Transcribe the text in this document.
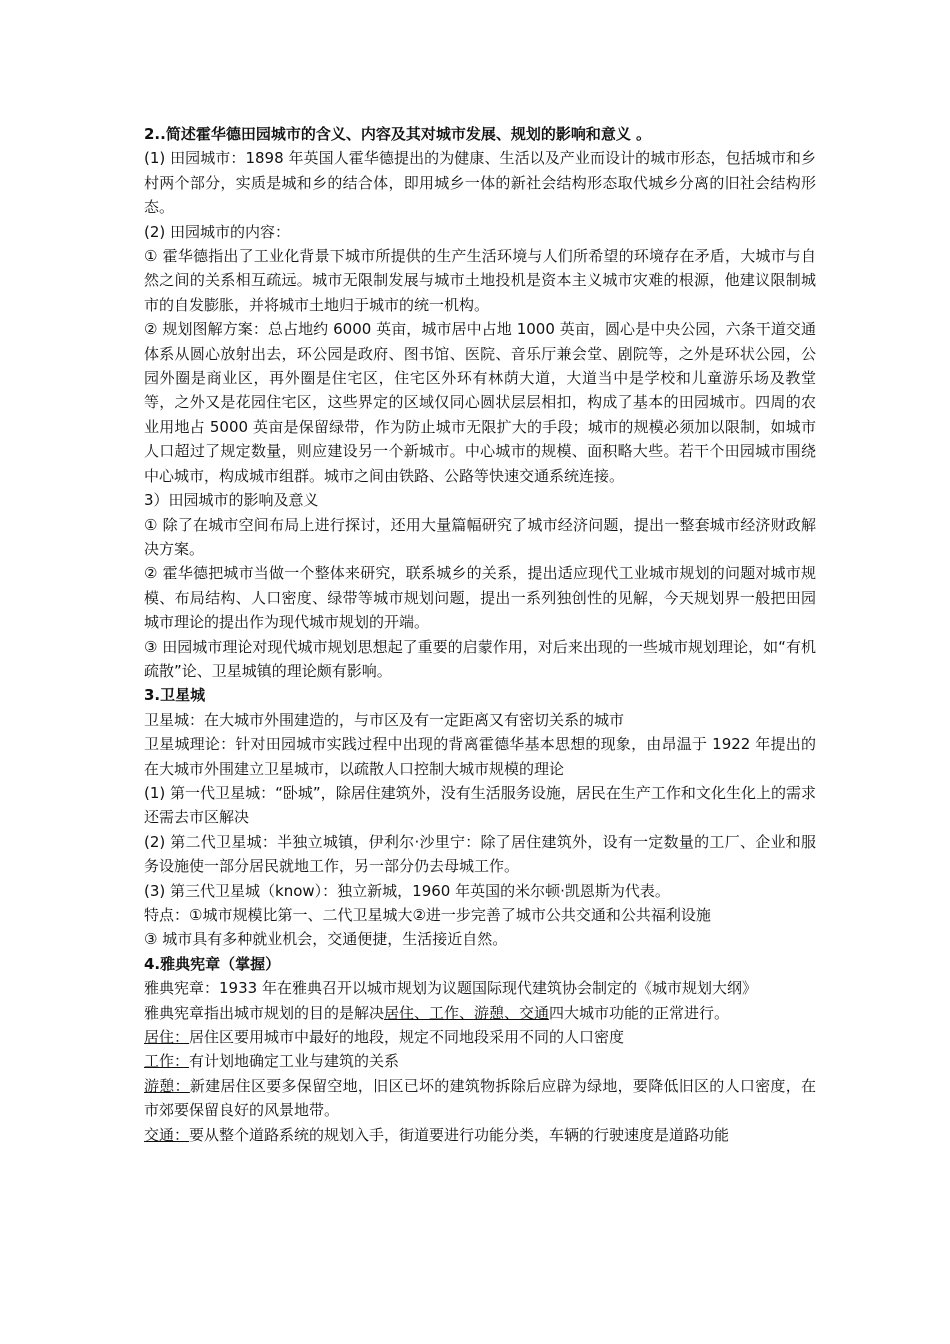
2..简述霍华德田园城市的含义、内容及其对城市发展、规划的影响和意义 。

(1) 田园城市：1898 年英国人霍华德提出的为健康、生活以及产业而设计的城市形态，包括城市和乡村两个部分，实质是城和乡的结合体，即用城乡一体的新社会结构形态取代城乡分离的旧社会结构形态。

(2) 田园城市的内容：

① 霍华德指出了工业化背景下城市所提供的生产生活环境与人们所希望的环境存在矛盾，大城市与自然之间的关系相互疏远。城市无限制发展与城市土地投机是资本主义城市灾难的根源，他建议限制城市的自发膨胀，并将城市土地归于城市的统一机构。

② 规划图解方案：总占地约 6000 英亩，城市居中占地 1000 英亩，圆心是中央公园，六条干道交通体系从圆心放射出去，环公园是政府、图书馆、医院、音乐厅兼会堂、剧院等，之外是环状公园，公园外圈是商业区，再外圈是住宅区，住宅区外环有林荫大道，大道当中是学校和儿童游乐场及教堂等，之外又是花园住宅区，这些界定的区域仅同心圆状层层相扣，构成了基本的田园城市。四周的农业用地占 5000 英亩是保留绿带，作为防止城市无限扩大的手段；城市的规模必须加以限制，如城市人口超过了规定数量，则应建设另一个新城市。中心城市的规模、面积略大些。若干个田园城市围绕中心城市，构成城市组群。城市之间由铁路、公路等快速交通系统连接。

3）田园城市的影响及意义

① 除了在城市空间布局上进行探讨，还用大量篇幅研究了城市经济问题，提出一整套城市经济财政解决方案。

② 霍华德把城市当做一个整体来研究，联系城乡的关系，提出适应现代工业城市规划的问题对城市规模、布局结构、人口密度、绿带等城市规划问题，提出一系列独创性的见解，今天规划界一般把田园城市理论的提出作为现代城市规划的开端。

③ 田园城市理论对现代城市规划思想起了重要的启蒙作用，对后来出现的一些城市规划理论，如“有机疏散”论、卫星城镇的理论颇有影响。

3.卫星城

卫星城：在大城市外围建造的，与市区及有一定距离又有密切关系的城市

卫星城理论：针对田园城市实践过程中出现的背离霍德华基本思想的现象，由昂温于 1922 年提出的在大城市外围建立卫星城市，以疏散人口控制大城市规模的理论

(1) 第一代卫星城：“卧城”，除居住建筑外，没有生活服务设施，居民在生产工作和文化生化上的需求还需去市区解决

(2) 第二代卫星城：半独立城镇，伊利尔·沙里宁：除了居住建筑外，设有一定数量的工厂、企业和服务设施使一部分居民就地工作，另一部分仍去母城工作。

(3) 第三代卫星城（know）：独立新城，1960 年英国的米尔顿·凯恩斯为代表。

特点：①城市规模比第一、二代卫星城大②进一步完善了城市公共交通和公共福利设施

③ 城市具有多种就业机会，交通便捷，生活接近自然。

4.雅典宪章（掌握）

雅典宪章：1933 年在雅典召开以城市规划为议题国际现代建筑协会制定的《城市规划大纲》

雅典宪章指出城市规划的目的是解决居住、工作、游憩、交通四大城市功能的正常进行。

居住：居住区要用城市中最好的地段，规定不同地段采用不同的人口密度

工作：有计划地确定工业与建筑的关系

游憩：新建居住区要多保留空地，旧区已坏的建筑物拆除后应辟为绿地，要降低旧区的人口密度，在市郊要保留良好的风景地带。

交通：要从整个道路系统的规划入手，街道要进行功能分类，车辆的行驶速度是道路功能
